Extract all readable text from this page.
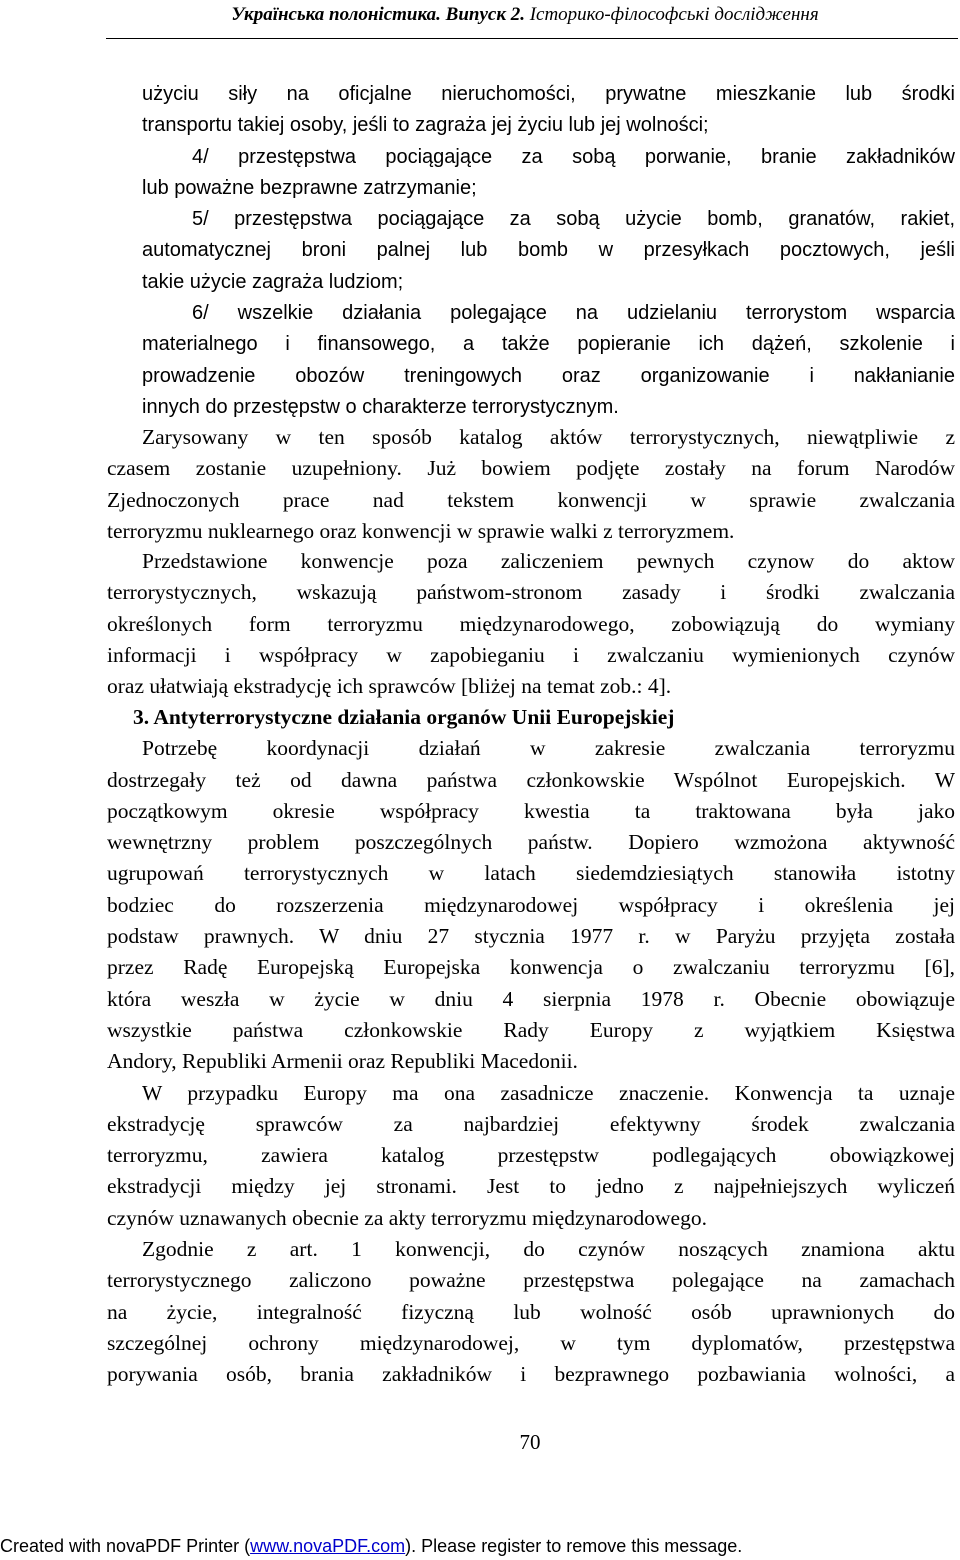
Українська полоністика. Випуск 2. Історико-філософські дослідження
użyciu siły na oficjalne nieruchomości, prywatne mieszkanie lub środki
transportu takiej osoby, jeśli to zagraża jej życiu lub jej wolności;
4/ przestępstwa pociągające za sobą porwanie, branie zakładników
lub poważne bezprawne zatrzymanie;
5/ przestępstwa pociągające za sobą użycie bomb, granatów, rakiet,
automatycznej broni palnej lub bomb w przesyłkach pocztowych, jeśli
takie użycie zagraża ludziom;
6/ wszelkie działania polegające na udzielaniu terrorystom wsparcia
materialnego i finansowego, a także popieranie ich dążeń, szkolenie i
prowadzenie obozów treningowych oraz organizowanie i nakłanianie
innych do przestępstw o charakterze terrorystycznym.
Zarysowany w ten sposób katalog aktów terrorystycznych, niewątpliwie z
czasem zostanie uzupełniony. Już bowiem podjęte zostały na forum Narodów
Zjednoczonych prace nad tekstem konwencji w sprawie zwalczania
terroryzmu nuklearnego oraz konwencji w sprawie walki z terroryzmem.
Przedstawione konwencje poza zaliczeniem pewnych czynow do aktow
terrorystycznych, wskazują państwom-stronom zasady i środki zwalczania
określonych form terroryzmu międzynarodowego, zobowiązują do wymiany
informacji i współpracy w zapobieganiu i zwalczaniu wymienionych czynów
oraz ułatwiają ekstradycję ich sprawców [bliżej na temat zob.: 4].
3. Antyterrorystyczne działania organów Unii Europejskiej
Potrzebę koordynacji działań w zakresie zwalczania terroryzmu
dostrzegały też od dawna państwa członkowskie Wspólnot Europejskich. W
początkowym okresie współpracy kwestia ta traktowana była jako
wewnętrzny problem poszczególnych państw. Dopiero wzmożona aktywność
ugrupowań terrorystycznych w latach siedemdziesiątych stanowiła istotny
bodziec do rozszerzenia międzynarodowej współpracy i określenia jej
podstaw prawnych. W dniu 27 stycznia 1977 r. w Paryżu przyjęta została
przez Radę Europejską Europejska konwencja o zwalczaniu terroryzmu [6],
która weszła w życie w dniu 4 sierpnia 1978 r. Obecnie obowiązuje
wszystkie państwa członkowskie Rady Europy z wyjątkiem Księstwa
Andory, Republiki Armenii oraz Republiki Macedonii.
W przypadku Europy ma ona zasadnicze znaczenie. Konwencja ta uznaje
ekstradycję sprawców za najbardziej efektywny środek zwalczania
terroryzmu, zawiera katalog przestępstw podlegających obowiązkowej
ekstradycji między jej stronami. Jest to jedno z najpełniejszych wyliczeń
czynów uznawanych obecnie za akty terroryzmu międzynarodowego.
Zgodnie z art. 1 konwencji, do czynów noszących znamiona aktu
terrorystycznego zaliczono poważne przestępstwa polegające na zamachach
na życie, integralność fizyczną lub wolność osób uprawnionych do
szczególnej ochrony międzynarodowej, w tym dyplomatów, przestępstwa
porywania osób, brania zakładników i bezprawnego pozbawiania wolności, a
70
Created with novaPDF Printer (www.novaPDF.com). Please register to remove this message.
